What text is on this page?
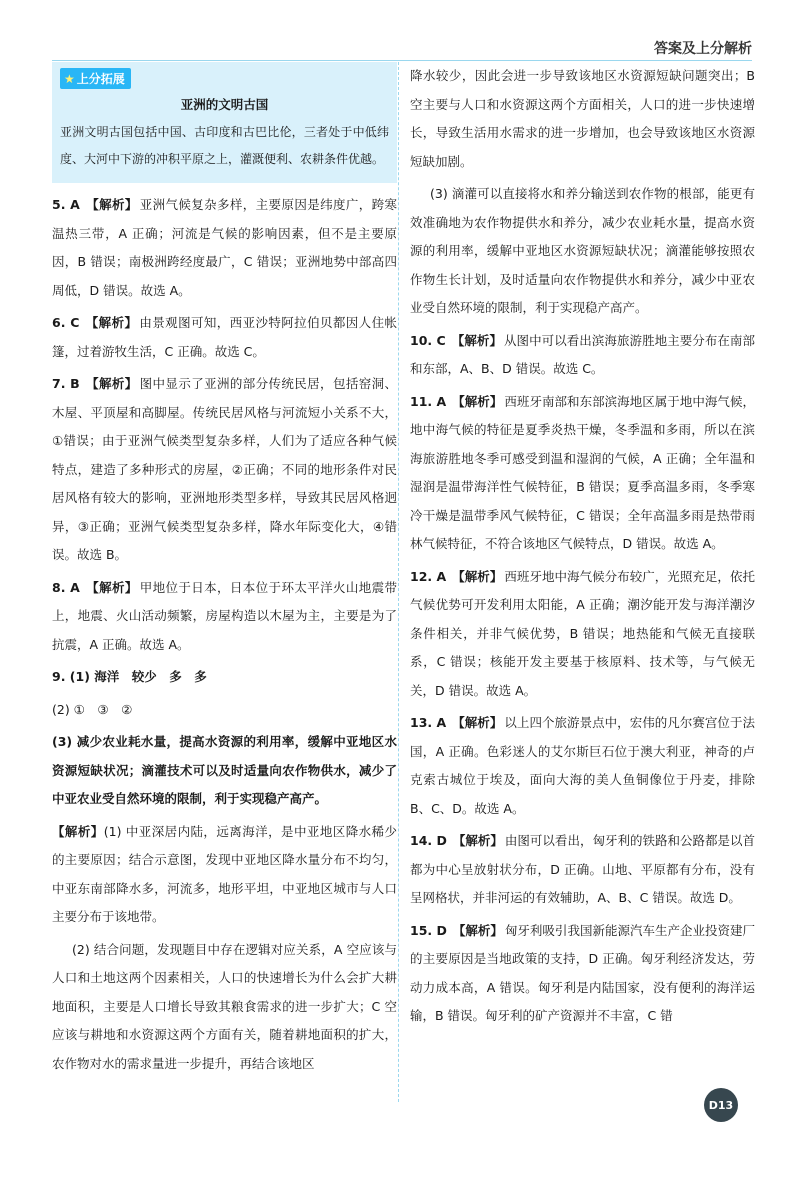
答案及上分解析
★ 上分拓展
亚洲的文明古国
亚洲文明古国包括中国、古印度和古巴比伦，三者处于中低纬度、大河中下游的冲积平原之上，灌溉便利、农耕条件优越。
5. A 【解析】 亚洲气候复杂多样，主要原因是纬度广，跨寒温热三带，A 正确；河流是气候的影响因素，但不是主要原因，B 错误；南极洲跨经度最广，C 错误；亚洲地势中部高四周低，D 错误。故选 A。
6. C 【解析】 由景观图可知，西亚沙特阿拉伯贝都因人住帐篷，过着游牧生活，C 正确。故选 C。
7. B 【解析】 图中显示了亚洲的部分传统民居，包括窑洞、木屋、平顶屋和高脚屋。传统民居风格与河流短小关系不大，①错误；由于亚洲气候类型复杂多样，人们为了适应各种气候特点，建造了多种形式的房屋，②正确；不同的地形条件对民居风格有较大的影响，亚洲地形类型多样，导致其民居风格迥异，③正确；亚洲气候类型复杂多样，降水年际变化大，④错误。故选 B。
8. A 【解析】 甲地位于日本，日本位于环太平洋火山地震带上，地震、火山活动频繁，房屋构造以木屋为主，主要是为了抗震，A 正确。故选 A。
9. (1) 海洋　较少　多　多
(2) ①　③　②
(3) 减少农业耗水量，提高水资源的利用率，缓解中亚地区水资源短缺状况；滴灌技术可以及时适量向农作物供水，减少了中亚农业受自然环境的限制，利于实现稳产高产。
【解析】(1) 中亚深居内陆，远离海洋，是中亚地区降水稀少的主要原因；结合示意图，发现中亚地区降水量分布不均匀，中亚东南部降水多，河流多，地形平坦，中亚地区城市与人口主要分布于该地带。
(2) 结合问题，发现题目中存在逻辑对应关系，A 空应该与人口和土地这两个因素相关，人口的快速增长为什么会扩大耕地面积，主要是人口增长导致其粮食需求的进一步扩大；C 空应该与耕地和水资源这两个方面有关，随着耕地面积的扩大，农作物对水的需求量进一步提升，再结合该地区
降水较少，因此会进一步导致该地区水资源短缺问题突出；B 空主要与人口和水资源这两个方面相关，人口的进一步快速增长，导致生活用水需求的进一步增加，也会导致该地区水资源短缺加剧。
(3) 滴灌可以直接将水和养分输送到农作物的根部，能更有效准确地为农作物提供水和养分，减少农业耗水量，提高水资源的利用率，缓解中亚地区水资源短缺状况；滴灌能够按照农作物生长计划，及时适量向农作物提供水和养分，减少中亚农业受自然环境的限制，利于实现稳产高产。
10. C 【解析】 从图中可以看出滨海旅游胜地主要分布在南部和东部，A、B、D 错误。故选 C。
11. A 【解析】 西班牙南部和东部滨海地区属于地中海气候，地中海气候的特征是夏季炎热干燥，冬季温和多雨，所以在滨海旅游胜地冬季可感受到温和湿润的气候，A 正确；全年温和湿润是温带海洋性气候特征，B 错误；夏季高温多雨，冬季寒冷干燥是温带季风气候特征，C 错误；全年高温多雨是热带雨林气候特征，不符合该地区气候特点，D 错误。故选 A。
12. A 【解析】 西班牙地中海气候分布较广，光照充足，依托气候优势可开发利用太阳能，A 正确；潮汐能开发与海洋潮汐条件相关，并非气候优势，B 错误；地热能和气候无直接联系，C 错误；核能开发主要基于核原料、技术等，与气候无关，D 错误。故选 A。
13. A 【解析】 以上四个旅游景点中，宏伟的凡尔赛宫位于法国，A 正确。色彩迷人的艾尔斯巨石位于澳大利亚，神奇的卢克索古城位于埃及，面向大海的美人鱼铜像位于丹麦，排除 B、C、D。故选 A。
14. D 【解析】 由图可以看出，匈牙利的铁路和公路都是以首都为中心呈放射状分布，D 正确。山地、平原都有分布，没有呈网格状，并非河运的有效辅助，A、B、C 错误。故选 D。
15. D 【解析】 匈牙利吸引我国新能源汽车生产企业投资建厂的主要原因是当地政策的支持，D 正确。匈牙利经济发达，劳动力成本高，A 错误。匈牙利是内陆国家，没有便利的海洋运输，B 错误。匈牙利的矿产资源并不丰富，C 错
D13
